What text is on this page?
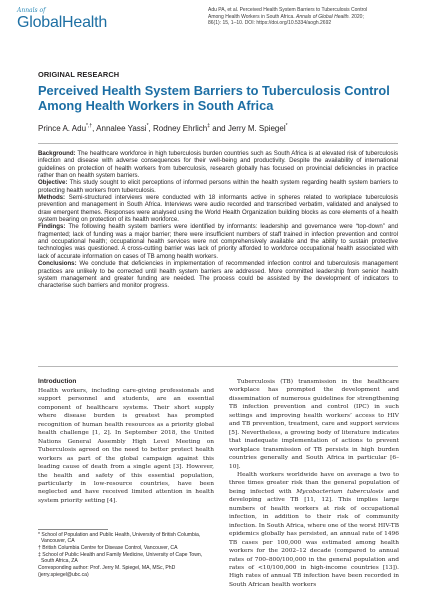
Annals of
GlobalHealth
Adu PA, et al. Perceived Health System Barriers to Tuberculosis Control
Among Health Workers in South Africa. Annals of Global Health. 2020;
86(1): 15, 1–10. DOI: https://doi.org/10.5334/aogh.2692
ORIGINAL RESEARCH
Perceived Health System Barriers to Tuberculosis Control Among Health Workers in South Africa
Prince A. Adu*,†, Annalee Yassi*, Rodney Ehrlich‡ and Jerry M. Spiegel*

Background: The healthcare workforce in high tuberculosis burden countries such as South Africa is at elevated risk of tuberculosis infection and disease with adverse consequences for their well-being and productivity. Despite the availability of international guidelines on protection of health workers from tuberculosis, research globally has focused on provincial deficiencies in practice rather than on health system barriers.

Objective: This study sought to elicit perceptions of informed persons within the health system regarding health system barriers to protecting health workers from tuberculosis.

Methods: Semi-structured interviews were conducted with 18 informants active in spheres related to workplace tuberculosis prevention and management in South Africa. Interviews were audio recorded and transcribed verbatim, validated and analysed to draw emergent themes. Responses were analysed using the World Health Organization building blocks as core elements of a health system bearing on protection of its health workforce.

Findings: The following health system barriers were identified by informants: leadership and governance were “top-down” and fragmented; lack of funding was a major barrier; there were insufficient numbers of staff trained in infection prevention and control and occupational health; occupational health services were not comprehensively available and the ability to sustain protective technologies was questioned. A cross-cutting barrier was lack of priority afforded to workforce occupational health associated with lack of accurate information on cases of TB among health workers.

Conclusions: We conclude that deficiencies in implementation of recommended infection control and tuberculosis management practices are unlikely to be corrected until health system barriers are addressed. More committed leadership from senior health system management and greater funding are needed. The process could be assisted by the development of indicators to characterise such barriers and monitor progress.

Introduction

Health workers, including care-giving professionals and support personnel and students, are an essential component of healthcare systems. Their short supply where disease burden is greatest has prompted recognition of human health resources as a priority global health challenge [1, 2]. In September 2018, the United Nations General Assembly High Level Meeting on Tuberculosis agreed on the need to better protect health workers as part of the global campaign against this leading cause of death from a single agent [3]. However, the health and safety of this essential population, particularly in low-resource countries, have been neglected and have received limited attention in health system priority setting [4].

Tuberculosis (TB) transmission in the healthcare workplace has prompted the development and dissemination of numerous guidelines for strengthening TB infection prevention and control (IPC) in such settings and improving health workers’ access to HIV and TB prevention, treatment, care and support services [5]. Nevertheless, a growing body of literature indicates that inadequate implementation of actions to prevent workplace transmission of TB persists in high burden countries generally and South Africa in particular [6–10].

Health workers worldwide have on average a two to three times greater risk than the general population of being infected with Mycobacterium tuberculosis and developing active TB [11, 12]. This implies large numbers of health workers at risk of occupational infection, in addition to their risk of community infection. In South Africa, where one of the worst HIV-TB epidemics globally has persisted, an annual rate of 1496 TB cases per 100,000 was estimated among health workers for the 2002–12 decade (compared to annual rates of 700–800/100,000 in the general population and rates of <10/100,000 in high-income countries [13]). High rates of annual TB infection have been recorded in South African health workers

* School of Population and Public Health, University of British Columbia, Vancouver, CA

† British Columbia Centre for Disease Control, Vancouver, CA

‡ School of Public Health and Family Medicine, University of Cape Town, South Africa, ZA

Corresponding author: Prof. Jerry M. Spiegel, MA, MSc, PhD

(jerry.spiegel@ubc.ca)
